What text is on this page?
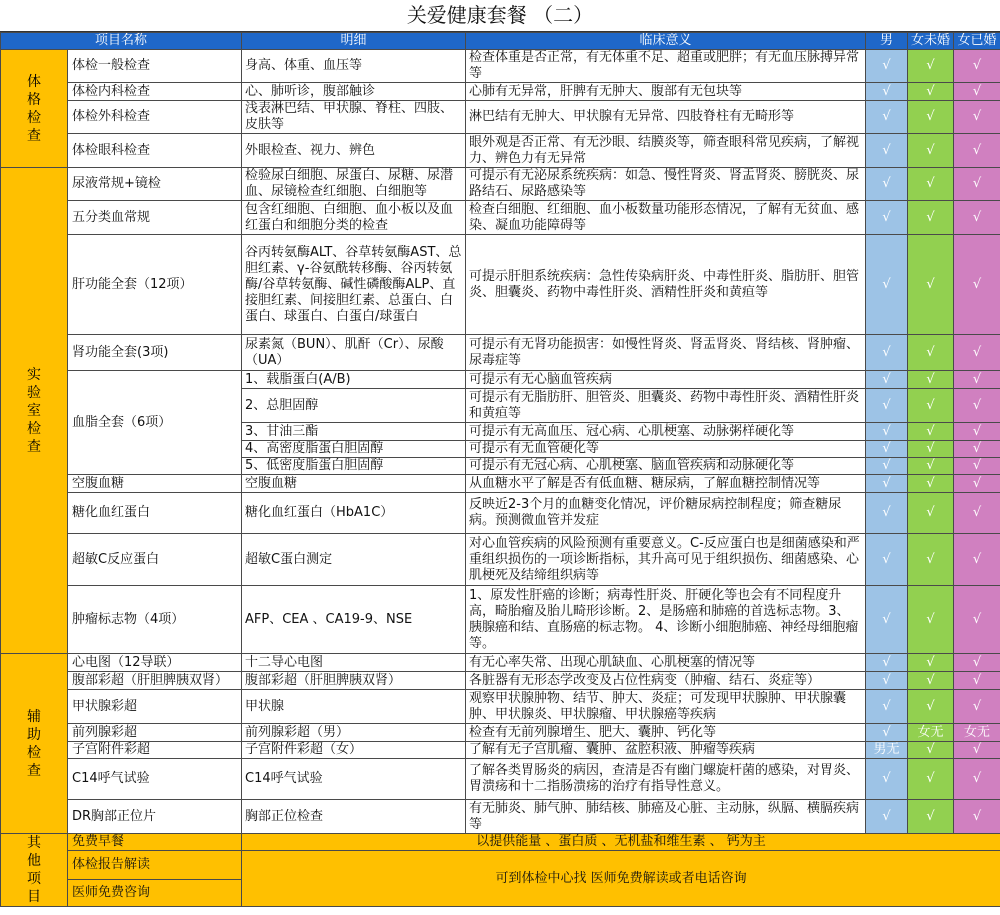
关爱健康套餐 （二）
项目名称		明细	临床意义	男	女未婚	女已婚
体格检查	体检一般检查	身高、体重、血压等	检查体重是否正常，有无体重不足、超重或肥胖；有无血压脉搏异常等	√	√	√
	体检内科检查	心、肺听诊，腹部触诊	心肺有无异常，肝脾有无肿大、腹部有无包块等	√	√	√
	体检外科检查	浅表淋巴结、甲状腺、脊柱、四肢、皮肤等	淋巴结有无肿大、甲状腺有无异常、四肢脊柱有无畸形等	√	√	√
	体检眼科检查	外眼检查、视力、辨色	眼外观是否正常、有无沙眼、结膜炎等，筛查眼科常见疾病，了解视力、辨色力有无异常	√	√	√
实验室检查	尿液常规+镜检	检验尿白细胞、尿蛋白、尿糖、尿潜血、尿镜检查红细胞、白细胞等	可提示有无泌尿系统疾病：如急、慢性肾炎、肾盂肾炎、膀胱炎、尿路结石、尿路感染等	√	√	√
	五分类血常规	包含红细胞、白细胞、血小板以及血红蛋白和细胞分类的检查	检查白细胞、红细胞、血小板数量功能形态情况，了解有无贫血、感染、凝血功能障碍等	√	√	√
	肝功能全套（12项）	谷丙转氨酶ALT、谷草转氨酶AST、总胆红素、γ-谷氨酰转移酶、谷丙转氨酶/谷草转氨酶、碱性磷酸酶ALP、直接胆红素、间接胆红素、总蛋白、白蛋白、球蛋白、白蛋白/球蛋白	可提示肝胆系统疾病：急性传染病肝炎、中毒性肝炎、脂肪肝、胆管炎、胆囊炎、药物中毒性肝炎、酒精性肝炎和黄疸等	√	√	√
	肾功能全套(3项)	尿素氮（BUN）、肌酐（Cr）、尿酸（UA）	可提示有无肾功能损害：如慢性肾炎、肾盂肾炎、肾结核、肾肿瘤、尿毒症等	√	√	√
	血脂全套（6项）	1、载脂蛋白(A/B)	可提示有无心脑血管疾病	√	√	√
		2、总胆固醇	可提示有无脂肪肝、胆管炎、胆囊炎、药物中毒性肝炎、酒精性肝炎和黄疸等	√	√	√
		3、甘油三酯	可提示有无高血压、冠心病、心肌梗塞、动脉粥样硬化等	√	√	√
		4、高密度脂蛋白胆固醇	可提示有无血管硬化等	√	√	√
		5、低密度脂蛋白胆固醇	可提示有无冠心病、心肌梗塞、脑血管疾病和动脉硬化等	√	√	√
	空腹血糖	空腹血糖	从血糖水平了解是否有低血糖、糖尿病，了解血糖控制情况等	√	√	√
	糖化血红蛋白	糖化血红蛋白（HbA1C）	反映近2-3个月的血糖变化情况，评价糖尿病控制程度；筛查糖尿病。预测微血管并发症	√	√	√
	超敏C反应蛋白	超敏C蛋白测定	对心血管疾病的风险预测有重要意义。C-反应蛋白也是细菌感染和严重组织损伤的一项诊断指标，其升高可见于组织损伤、细菌感染、心肌梗死及结缔组织病等	√	√	√
	肿瘤标志物（4项）	AFP、CEA 、CA19-9、NSE	1、原发性肝癌的诊断；病毒性肝炎、肝硬化等也会有不同程度升高，畸胎瘤及胎儿畸形诊断。2、是肠癌和肺癌的首选标志物。3、胰腺癌和结、直肠癌的标志物。 4、诊断小细胞肺癌、神经母细胞瘤等。	√	√	√
辅助检查	心电图（12导联）	十二导心电图	有无心率失常、出现心肌缺血、心肌梗塞的情况等	√	√	√
	腹部彩超（肝胆脾胰双肾）	腹部彩超（肝胆脾胰双肾）	各脏器有无形态学改变及占位性病变（肿瘤、结石、炎症等）	√	√	√
	甲状腺彩超	甲状腺	观察甲状腺肿物、结节、肿大、炎症；可发现甲状腺肿、甲状腺囊肿、甲状腺炎、甲状腺瘤、甲状腺癌等疾病	√	√	√
	前列腺彩超	前列腺彩超（男）	检查有无前列腺增生、肥大、囊肿、钙化等	√	女无	女无
	子宫附件彩超	子宫附件彩超（女）	了解有无子宫肌瘤、囊肿、盆腔积液、肿瘤等疾病	男无	√	√
	C14呼气试验	C14呼气试验	了解各类胃肠炎的病因，查清是否有幽门螺旋杆菌的感染，对胃炎、胃溃疡和十二指肠溃疡的治疗有指导性意义。	√	√	√
	DR胸部正位片	胸部正位检查	有无肺炎、肺气肿、肺结核、肺癌及心脏、主动脉，纵膈、横膈疾病等	√	√	√
其他项目	免费早餐	以提供能量 、蛋白质 、无机盐和维生素 、 钙为主				
	体检报告解读	可到体检中心找 医师免费解读或者电话咨询				
	医师免费咨询					
